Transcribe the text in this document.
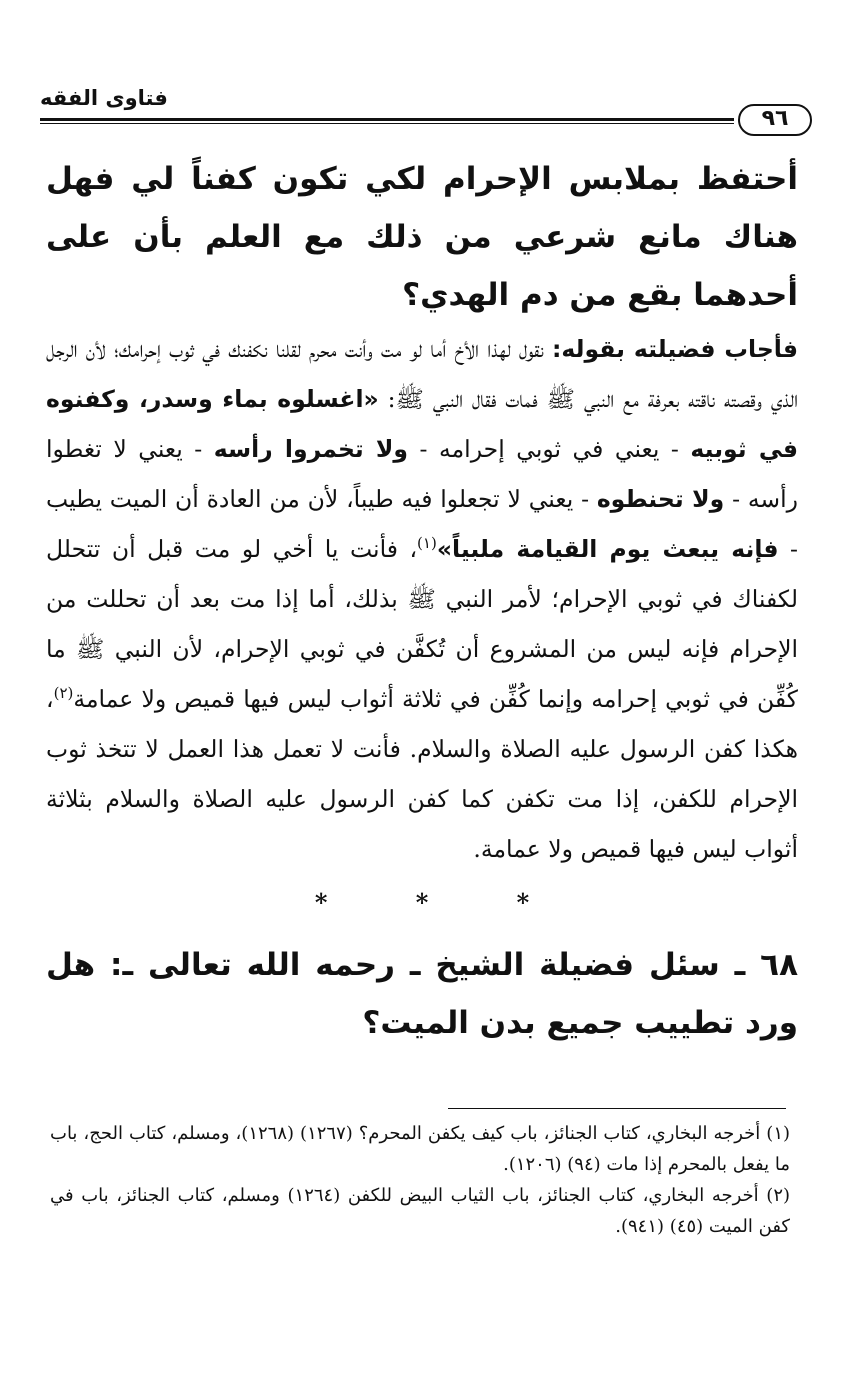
فتاوى الفقه
٩٦

أحتفظ بملابس الإحرام لكي تكون كفناً لي فهل هناك مانع شرعي من ذلك مع العلم بأن على أحدهما بقع من دم الهدي؟

فأجاب فضيلته بقوله: نقول لهذا الأخ أما لو مت وأنت محرم لقلنا نكفنك في ثوب إحرامك؛ لأن الرجل الذي وقصته ناقته بعرفة مع النبي ﷺ فمات فقال النبي ﷺ: «اغسلوه بماء وسدر، وكفنوه في ثوبيه - يعني في ثوبي إحرامه - ولا تخمروا رأسه - يعني لا تغطوا رأسه - ولا تحنطوه - يعني لا تجعلوا فيه طيباً، لأن من العادة أن الميت يطيب - فإنه يبعث يوم القيامة ملبياً»$^{(١)}$، فأنت يا أخي لو مت قبل أن تتحلل لكفناك في ثوبي الإحرام؛ لأمر النبي ﷺ بذلك، أما إذا مت بعد أن تحللت من الإحرام فإنه ليس من المشروع أن تُكفَّن في ثوبي الإحرام، لأن النبي ﷺ ما كُفِّن في ثوبي إحرامه وإنما كُفِّن في ثلاثة أثواب ليس فيها قميص ولا عمامة$^{(٢)}$، هكذا كفن الرسول عليه الصلاة والسلام. فأنت لا تعمل هذا العمل لا تتخذ ثوب الإحرام للكفن، إذا مت تكفن كما كفن الرسول عليه الصلاة والسلام بثلاثة أثواب ليس فيها قميص ولا عمامة.

* * *

٦٨ ـ سئل فضيلة الشيخ ـ رحمه الله تعالى ـ: هل ورد تطييب جميع بدن الميت؟

(١) أخرجه البخاري، كتاب الجنائز، باب كيف يكفن المحرم؟ (١٢٦٧) (١٢٦٨)، ومسلم، كتاب الحج، باب ما يفعل بالمحرم إذا مات (٩٤) (١٢٠٦).

(٢) أخرجه البخاري، كتاب الجنائز، باب الثياب البيض للكفن (١٢٦٤) ومسلم، كتاب الجنائز، باب في كفن الميت (٤٥) (٩٤١).
